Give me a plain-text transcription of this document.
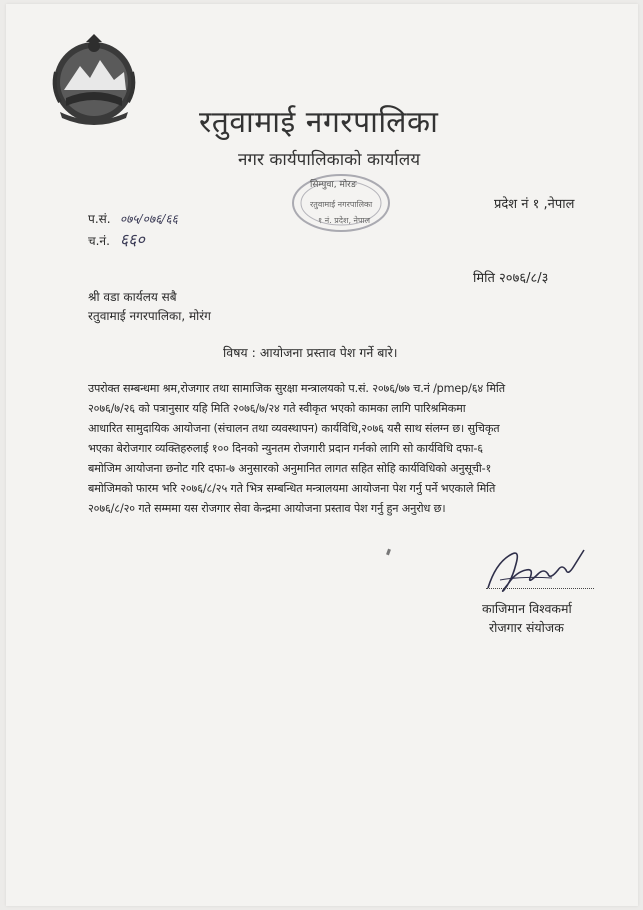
रतुवामाई नगरपालिका
नगर कार्यपालिकाको कार्यालय
प्रदेश नं १ ,नेपाल
सिम्पुवा, मोरङ
रतुवामाई नगरपालिका
१ नं. प्रदेश, नेपाल
प.सं. ०७५/०७६/६६
च.नं. ६६०
मिति २०७६/८/३
श्री वडा कार्यलय सबै
रतुवामाई नगरपालिका, मोरंग
विषय : आयोजना प्रस्ताव पेश गर्ने बारे।
उपरोक्त सम्बन्धमा श्रम,रोजगार तथा सामाजिक सुरक्षा मन्त्रालयको प.सं. २०७६/७७ च.नं /pmep/६४ मिति
२०७६/७/२६ को पत्रानुसार यहि मिति २०७६/७/२४ गते स्वीकृत भएको कामका लागि पारिश्रमिकमा
आधारित सामुदायिक आयोजना (संचालन तथा व्यवस्थापन) कार्यविधि,२०७६ यसै साथ संलग्न छ। सुचिकृत
भएका बेरोजगार व्यक्तिहरुलाई १०० दिनको न्युनतम रोजगारी प्रदान गर्नको लागि सो कार्यविधि दफा-६
बमोजिम आयोजना छनोट गरि दफा-७ अनुसारको अनुमानित लागत सहित सोहि कार्यविधिको अनुसूची-१
बमोजिमको फारम भरि २०७६/८/२५ गते भित्र सम्बन्धित मन्त्रालयमा आयोजना पेश गर्नु पर्ने भएकाले मिति
२०७६/८/२० गते सम्ममा यस रोजगार सेवा केन्द्रमा आयोजना प्रस्ताव पेश गर्नु हुन अनुरोध छ।
काजिमान विश्वकर्मा
रोजगार संयोजक
